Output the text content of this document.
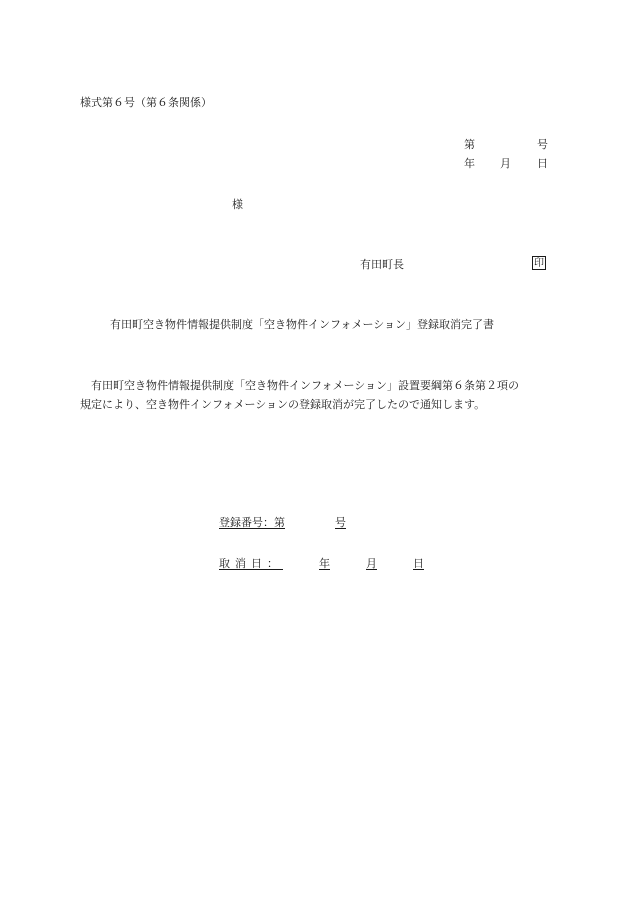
様式第６号（第６条関係）
第	号
年 月 日
様
有田町長	印
有田町空き物件情報提供制度「空き物件インフォメーション」登録取消完了書
有田町空き物件情報提供制度「空き物件インフォメーション」設置要綱第６条第２項の
規定により、空き物件インフォメーションの登録取消が完了したので通知します。
登録番号：第	号
取消日：	年	月	日
